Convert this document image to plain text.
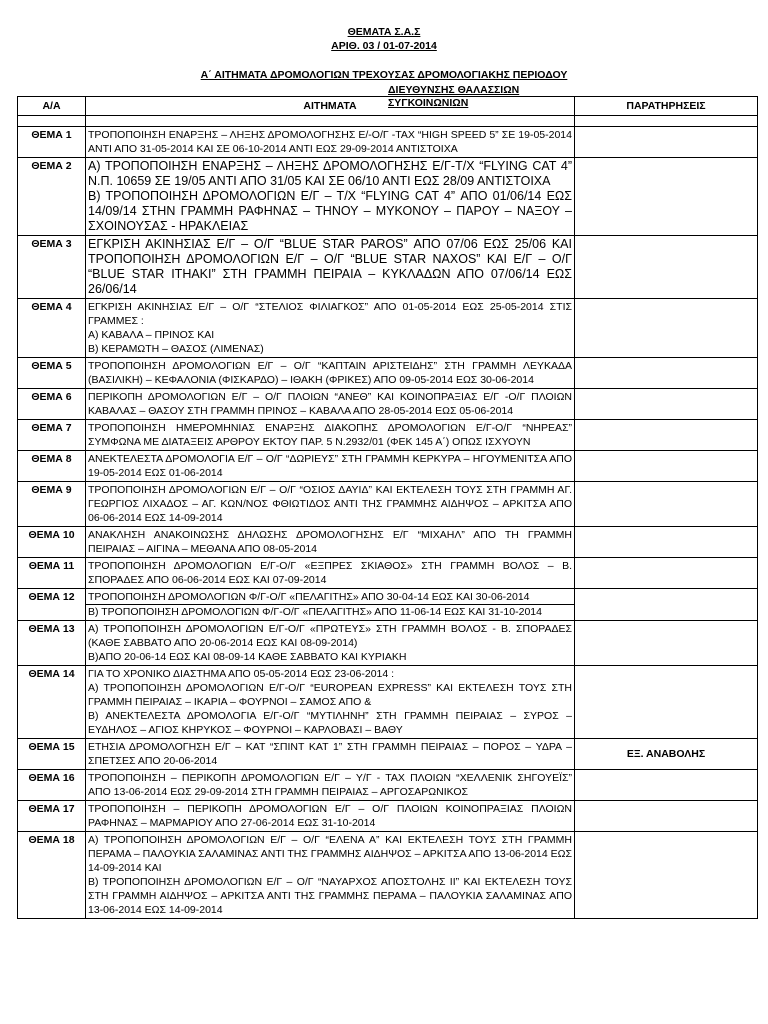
ΘΕΜΑΤΑ Σ.Α.Σ
ΑΡΙΘ. 03 / 01-07-2014
Α΄ ΑΙΤΗΜΑΤΑ ΔΡΟΜΟΛΟΓΙΩΝ ΤΡΕΧΟΥΣΑΣ ΔΡΟΜΟΛΟΓΙΑΚΗΣ ΠΕΡΙΟΔΟΥ
ΔΙΕΥΘΥΝΣΗΣ ΘΑΛΑΣΣΙΩΝ ΣΥΓΚΟΙΝΩΝΙΩΝ
Α/Α	ΑΙΤΗΜΑΤΑ	ΠΑΡΑΤΗΡΗΣΕΙΣ

ΘΕΜΑ 1	ΤΡΟΠΟΠΟΙΗΣΗ ΕΝΑΡΞΗΣ – ΛΗΞΗΣ ΔΡΟΜΟΛΟΓΗΣΗΣ Ε/-Ο/Γ -ΤΑΧ “HIGH SPEED 5” ΣΕ 19-05-2014 ΑΝΤΙ ΑΠΟ 31-05-2014 ΚΑΙ ΣΕ 06-10-2014 ΑΝΤΙ ΕΩΣ 29-09-2014 ΑΝΤΙΣΤΟΙΧΑ	

ΘΕΜΑ 2	Α) ΤΡΟΠΟΠΟΙΗΣΗ ΕΝΑΡΞΗΣ – ΛΗΞΗΣ ΔΡΟΜΟΛΟΓΗΣΗΣ Ε/Γ-Τ/Χ “FLYING CAT 4” Ν.Π. 10659 ΣΕ 19/05 ΑΝΤΙ ΑΠΟ 31/05 ΚΑΙ ΣΕ 06/10 ΑΝΤΙ ΕΩΣ 28/09 ΑΝΤΙΣΤΟΙΧΑ
Β) ΤΡΟΠΟΠΟΙΗΣΗ ΔΡΟΜΟΛΟΓΙΩΝ Ε/Γ – Τ/Χ “FLYING CAT 4” ΑΠΟ 01/06/14 ΕΩΣ 14/09/14 ΣΤΗΝ ΓΡΑΜΜΗ ΡΑΦΗΝΑΣ – ΤΗΝΟΥ – ΜΥΚΟΝΟΥ – ΠΑΡΟΥ – ΝΑΞΟΥ – ΣΧΟΙΝΟΥΣΑΣ - ΗΡΑΚΛΕΙΑΣ	

ΘΕΜΑ 3	ΕΓΚΡΙΣΗ ΑΚΙΝΗΣΙΑΣ Ε/Γ – Ο/Γ “BLUE STAR PAROS” ΑΠΟ 07/06 ΕΩΣ 25/06 ΚΑΙ ΤΡΟΠΟΠΟΙΗΣΗ ΔΡΟΜΟΛΟΓΙΩΝ Ε/Γ – Ο/Γ “BLUE STAR NAXOS” ΚΑΙ Ε/Γ – Ο/Γ “BLUE STAR ITHAKI” ΣΤΗ ΓΡΑΜΜΗ ΠΕΙΡΑΙΑ – ΚΥΚΛΑΔΩΝ ΑΠΟ 07/06/14 ΕΩΣ 26/06/14	

ΘΕΜΑ 4	ΕΓΚΡΙΣΗ ΑΚΙΝΗΣΙΑΣ Ε/Γ – Ο/Γ “ΣΤΕΛΙΟΣ ΦΙΛΙΑΓΚΟΣ” ΑΠΟ 01-05-2014 ΕΩΣ 25-05-2014 ΣΤΙΣ ΓΡΑΜΜΕΣ :
Α) ΚΑΒΑΛΑ – ΠΡΙΝΟΣ ΚΑΙ
Β) ΚΕΡΑΜΩΤΗ – ΘΑΣΟΣ (ΛΙΜΕΝΑΣ)	

ΘΕΜΑ 5	ΤΡΟΠΟΠΟΙΗΣΗ ΔΡΟΜΟΛΟΓΙΩΝ Ε/Γ – Ο/Γ “ΚΑΠΤΑΙΝ ΑΡΙΣΤΕΙΔΗΣ” ΣΤΗ ΓΡΑΜΜΗ ΛΕΥΚΑΔΑ (ΒΑΣΙΛΙΚΗ) – ΚΕΦΑΛΟΝΙΑ (ΦΙΣΚΑΡΔΟ) – ΙΘΑΚΗ (ΦΡΙΚΕΣ) ΑΠΟ 09-05-2014 ΕΩΣ 30-06-2014	

ΘΕΜΑ 6	ΠΕΡΙΚΟΠΗ ΔΡΟΜΟΛΟΓΙΩΝ Ε/Γ – Ο/Γ ΠΛΟΙΩΝ “ΑΝΕΘ” ΚΑΙ ΚΟΙΝΟΠΡΑΞΙΑΣ Ε/Γ -Ο/Γ ΠΛΟΙΩΝ ΚΑΒΑΛΑΣ – ΘΑΣΟΥ ΣΤΗ ΓΡΑΜΜΗ ΠΡΙΝΟΣ – ΚΑΒΑΛΑ ΑΠΟ 28-05-2014 ΕΩΣ 05-06-2014	

ΘΕΜΑ 7	ΤΡΟΠΟΠΟΙΗΣΗ ΗΜΕΡΟΜΗΝΙΑΣ ΕΝΑΡΞΗΣ ΔΙΑΚΟΠΗΣ ΔΡΟΜΟΛΟΓΙΩΝ Ε/Γ-Ο/Γ “ΝΗΡΕΑΣ” ΣΥΜΦΩΝΑ ΜΕ ΔΙΑΤΑΞΕΙΣ ΑΡΘΡΟΥ ΕΚΤΟΥ ΠΑΡ. 5 Ν.2932/01 (ΦΕΚ 145 Α΄) ΟΠΩΣ ΙΣΧΥΟΥΝ	

ΘΕΜΑ 8	ΑΝΕΚΤΕΛΕΣΤΑ ΔΡΟΜΟΛΟΓΙΑ Ε/Γ – Ο/Γ “ΔΩΡΙΕΥΣ” ΣΤΗ ΓΡΑΜΜΗ ΚΕΡΚΥΡΑ – ΗΓΟΥΜΕΝΙΤΣΑ ΑΠΟ 19-05-2014 ΕΩΣ 01-06-2014	

ΘΕΜΑ 9	ΤΡΟΠΟΠΟΙΗΣΗ ΔΡΟΜΟΛΟΓΙΩΝ Ε/Γ – Ο/Γ “ΟΣΙΟΣ ΔΑΥΙΔ” ΚΑΙ ΕΚΤΕΛΕΣΗ ΤΟΥΣ ΣΤΗ ΓΡΑΜΜΗ ΑΓ. ΓΕΩΡΓΙΟΣ ΛΙΧΑΔΟΣ – ΑΓ. ΚΩΝ/ΝΟΣ ΦΘΙΩΤΙΔΟΣ ΑΝΤΙ ΤΗΣ ΓΡΑΜΜΗΣ ΑΙΔΗΨΟΣ – ΑΡΚΙΤΣΑ ΑΠΟ 06-06-2014 ΕΩΣ 14-09-2014	

ΘΕΜΑ 10	ΑΝΑΚΛΗΣΗ ΑΝΑΚΟΙΝΩΣΗΣ ΔΗΛΩΣΗΣ ΔΡΟΜΟΛΟΓΗΣΗΣ Ε/Γ “ΜΙΧΑΗΛ” ΑΠΟ ΤΗ ΓΡΑΜΜΗ ΠΕΙΡΑΙΑΣ – ΑΙΓΙΝΑ – ΜΕΘΑΝΑ ΑΠΟ 08-05-2014	

ΘΕΜΑ 11	ΤΡΟΠΟΠΟΙΗΣΗ ΔΡΟΜΟΛΟΓΙΩΝ Ε/Γ-Ο/Γ «ΕΞΠΡΕΣ ΣΚΙΑΘΟΣ» ΣΤΗ ΓΡΑΜΜΗ ΒΟΛΟΣ – Β. ΣΠΟΡΑΔΕΣ ΑΠΟ 06-06-2014 ΕΩΣ ΚΑΙ 07-09-2014	

ΘΕΜΑ 12	ΤΡΟΠΟΠΟΙΗΣΗ ΔΡΟΜΟΛΟΓΙΩΝ Φ/Γ-Ο/Γ «ΠΕΛΑΓΙΤΗΣ» ΑΠΟ 30-04-14 ΕΩΣ ΚΑΙ 30-06-2014
Β) ΤΡΟΠΟΠΟΙΗΣΗ ΔΡΟΜΟΛΟΓΙΩΝ Φ/Γ-Ο/Γ «ΠΕΛΑΓΙΤΗΣ» ΑΠΟ 11-06-14 ΕΩΣ ΚΑΙ 31-10-2014	

ΘΕΜΑ 13	Α) ΤΡΟΠΟΠΟΙΗΣΗ ΔΡΟΜΟΛΟΓΙΩΝ Ε/Γ-Ο/Γ «ΠΡΩΤΕΥΣ» ΣΤΗ ΓΡΑΜΜΗ ΒΟΛΟΣ - Β. ΣΠΟΡΑΔΕΣ (ΚΑΘΕ ΣΑΒΒΑΤΟ ΑΠΟ 20-06-2014 ΕΩΣ ΚΑΙ 08-09-2014)
Β)ΑΠΟ 20-06-14 ΕΩΣ ΚΑΙ 08-09-14 ΚΑΘΕ ΣΑΒΒΑΤΟ ΚΑΙ ΚΥΡΙΑΚΗ	

ΘΕΜΑ 14	ΓΙΑ ΤΟ ΧΡΟΝΙΚΟ ΔΙΑΣΤΗΜΑ ΑΠΟ 05-05-2014 ΕΩΣ 23-06-2014 :
Α) ΤΡΟΠΟΠΟΙΗΣΗ ΔΡΟΜΟΛΟΓΙΩΝ Ε/Γ-Ο/Γ “EUROPEAN EXPRESS” ΚΑΙ ΕΚΤΕΛΕΣΗ ΤΟΥΣ ΣΤΗ ΓΡΑΜΜΗ ΠΕΙΡΑΙΑΣ – ΙΚΑΡΙΑ – ΦΟΥΡΝΟΙ – ΣΑΜΟΣ ΑΠΟ &
Β) ΑΝΕΚΤΕΛΕΣΤΑ ΔΡΟΜΟΛΟΓΙΑ Ε/Γ-Ο/Γ “ΜΥΤΙΛΗΝΗ” ΣΤΗ ΓΡΑΜΜΗ ΠΕΙΡΑΙΑΣ – ΣΥΡΟΣ – ΕΥΔΗΛΟΣ – ΑΓΙΟΣ ΚΗΡΥΚΟΣ – ΦΟΥΡΝΟΙ – ΚΑΡΛΟΒΑΣΙ – ΒΑΘΥ	

ΘΕΜΑ 15	ΕΤΗΣΙΑ ΔΡΟΜΟΛΟΓΗΣΗ Ε/Γ – ΚΑΤ “ΣΠΙΝΤ ΚΑΤ 1” ΣΤΗ ΓΡΑΜΜΗ ΠΕΙΡΑΙΑΣ – ΠΟΡΟΣ – ΥΔΡΑ – ΣΠΕΤΣΕΣ ΑΠΟ 20-06-2014	ΕΞ. ΑΝΑΒΟΛΗΣ
ΘΕΜΑ 16	ΤΡΟΠΟΠΟΙΗΣΗ – ΠΕΡΙΚΟΠΗ ΔΡΟΜΟΛΟΓΙΩΝ Ε/Γ – Υ/Γ - ΤΑΧ ΠΛΟΙΩΝ “ΧΕΛΛΕΝΙΚ ΣΗΓΟΥΕΪΣ” ΑΠΟ 13-06-2014 ΕΩΣ 29-09-2014 ΣΤΗ ΓΡΑΜΜΗ ΠΕΙΡΑΙΑΣ – ΑΡΓΟΣΑΡΩΝΙΚΟΣ	

ΘΕΜΑ 17	ΤΡΟΠΟΠΟΙΗΣΗ – ΠΕΡΙΚΟΠΗ ΔΡΟΜΟΛΟΓΙΩΝ Ε/Γ – Ο/Γ ΠΛΟΙΩΝ ΚΟΙΝΟΠΡΑΞΙΑΣ ΠΛΟΙΩΝ ΡΑΦΗΝΑΣ – ΜΑΡΜΑΡΙΟΥ ΑΠΟ 27-06-2014 ΕΩΣ 31-10-2014	

ΘΕΜΑ 18	Α) ΤΡΟΠΟΠΟΙΗΣΗ ΔΡΟΜΟΛΟΓΙΩΝ Ε/Γ – Ο/Γ “ΕΛΕΝΑ Α” ΚΑΙ ΕΚΤΕΛΕΣΗ ΤΟΥΣ ΣΤΗ ΓΡΑΜΜΗ ΠΕΡΑΜΑ – ΠΑΛΟΥΚΙΑ ΣΑΛΑΜΙΝΑΣ ΑΝΤΙ ΤΗΣ ΓΡΑΜΜΗΣ ΑΙΔΗΨΟΣ – ΑΡΚΙΤΣΑ ΑΠΟ 13-06-2014 ΕΩΣ 14-09-2014 ΚΑΙ
Β) ΤΡΟΠΟΠΟΙΗΣΗ ΔΡΟΜΟΛΟΓΙΩΝ Ε/Γ – Ο/Γ “ΝΑΥΑΡΧΟΣ ΑΠΟΣΤΟΛΗΣ ΙΙ” ΚΑΙ ΕΚΤΕΛΕΣΗ ΤΟΥΣ ΣΤΗ ΓΡΑΜΜΗ ΑΙΔΗΨΟΣ – ΑΡΚΙΤΣΑ ΑΝΤΙ ΤΗΣ ΓΡΑΜΜΗΣ ΠΕΡΑΜΑ – ΠΑΛΟΥΚΙΑ ΣΑΛΑΜΙΝΑΣ ΑΠΟ 13-06-2014 ΕΩΣ 14-09-2014	
